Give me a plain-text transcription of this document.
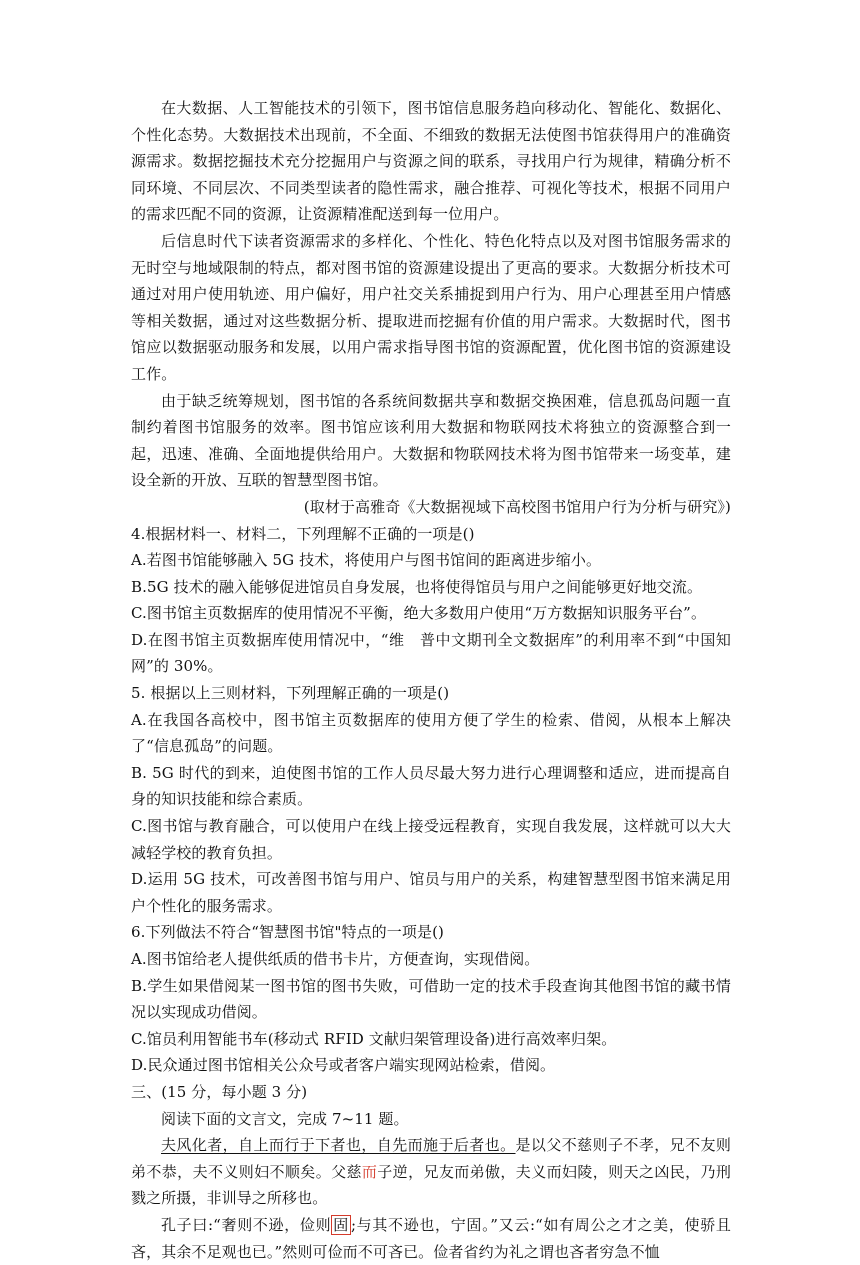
在大数据、人工智能技术的引领下，图书馆信息服务趋向移动化、智能化、数据化、个性化态势。大数据技术出现前，不全面、不细致的数据无法使图书馆获得用户的准确资源需求。数据挖掘技术充分挖掘用户与资源之间的联系，寻找用户行为规律，精确分析不同环境、不同层次、不同类型读者的隐性需求，融合推荐、可视化等技术，根据不同用户的需求匹配不同的资源，让资源精准配送到每一位用户。

后信息时代下读者资源需求的多样化、个性化、特色化特点以及对图书馆服务需求的无时空与地域限制的特点，都对图书馆的资源建设提出了更高的要求。大数据分析技术可通过对用户使用轨迹、用户偏好，用户社交关系捕捉到用户行为、用户心理甚至用户情感等相关数据，通过对这些数据分析、提取进而挖掘有价值的用户需求。大数据时代，图书馆应以数据驱动服务和发展，以用户需求指导图书馆的资源配置，优化图书馆的资源建设工作。

由于缺乏统筹规划，图书馆的各系统间数据共享和数据交换困难，信息孤岛问题一直制约着图书馆服务的效率。图书馆应该利用大数据和物联网技术将独立的资源整合到一起，迅速、准确、全面地提供给用户。大数据和物联网技术将为图书馆带来一场变革，建设全新的开放、互联的智慧型图书馆。

(取材于高雅奇《大数据视域下高校图书馆用户行为分析与研究》)

4.根据材料一、材料二，下列理解不正确的一项是()

A.若图书馆能够融入 5G 技术，将使用户与图书馆间的距离进步缩小。

B.5G 技术的融入能够促进馆员自身发展，也将使得馆员与用户之间能够更好地交流。

C.图书馆主页数据库的使用情况不平衡，绝大多数用户使用“万方数据知识服务平台”。

D.在图书馆主页数据库使用情况中，“维　普中文期刊全文数据库”的利用率不到“中国知网”的 30%。

5. 根据以上三则材料，下列理解正确的一项是()

A.在我国各高校中，图书馆主页数据库的使用方便了学生的检索、借阅，从根本上解决了“信息孤岛”的问题。

B. 5G 时代的到来，迫使图书馆的工作人员尽最大努力进行心理调整和适应，进而提高自身的知识技能和综合素质。

C.图书馆与教育融合，可以使用户在线上接受远程教育，实现自我发展，这样就可以大大减轻学校的教育负担。

D.运用 5G 技术，可改善图书馆与用户、馆员与用户的关系，构建智慧型图书馆来满足用户个性化的服务需求。

6.下列做法不符合“智慧图书馆"特点的一项是()

A.图书馆给老人提供纸质的借书卡片，方便查询，实现借阅。

B.学生如果借阅某一图书馆的图书失败，可借助一定的技术手段查询其他图书馆的藏书情况以实现成功借阅。

C.馆员利用智能书车(移动式 RFID 文献归架管理设备)进行高效率归架。

D.民众通过图书馆相关公众号或者客户端实现网站检索，借阅。

三、(15 分，每小题 3 分)

阅读下面的文言文，完成 7~11 题。

夫风化者，自上而行于下者也，自先而施于后者也。是以父不慈则子不孝，兄不友则弟不恭，夫不义则妇不顺矣。父慈而子逆，兄友而弟傲，夫义而妇陵，则天之凶民，乃刑戮之所摄，非训导之所移也。

孔子曰:“奢则不逊，俭则 固 ;与其不逊也，宁固。”又云:“如有周公之才之美，使骄且吝，其余不足观也已。”然则可俭而不可吝已。俭者省约为礼之谓也吝者穷急不恤
